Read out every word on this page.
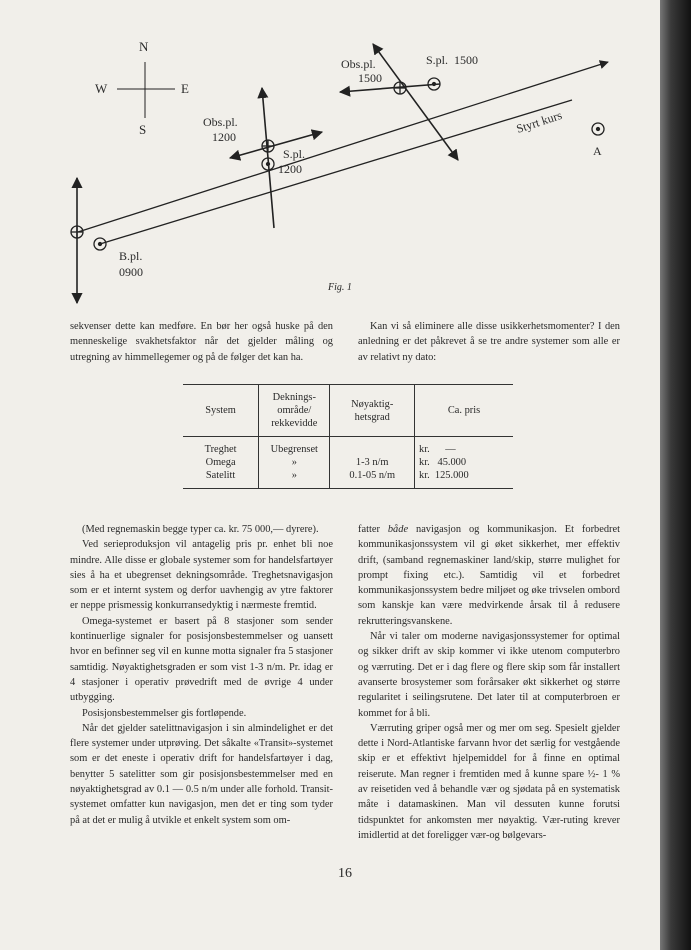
N
S
W	E
Obs.pl.
1500
S.pl.  1500
Obs.pl.
1200
S.pl.
1200
Styrt kurs
A
B.pl.
0900
Fig. 1

sekvenser dette kan medføre. En bør her også huske på den menneskelige svakhetsfaktor når det gjelder måling og utregning av himmellegemer og på de følger det kan ha.

Kan vi så eliminere alle disse usikkerhetsmomenter? I den anledning er det påkrevet å se tre andre systemer som alle er av relativt ny dato:

System	Deknings- område/ rekkevidde	Nøyaktig- hetsgrad	Ca. pris
Treghet	Ubegrenset		kr.      —
Omega	»	1-3 n/m	kr.   45.000
Satelitt	»	0.1-05 n/m	kr.  125.000

(Med regnemaskin begge typer ca. kr. 75 000,— dyrere).

Ved serieproduksjon vil antagelig pris pr. enhet bli noe mindre. Alle disse er globale systemer som for handelsfartøyer sies å ha et ubegrenset dekningsområde. Treghetsnavigasjon som er et internt system og derfor uavhengig av ytre faktorer er neppe prismessig konkurransedyktig i nærmeste fremtid.

Omega-systemet er basert på 8 stasjoner som sender kontinuerlige signaler for posisjonsbestemmelser og uansett hvor en befinner seg vil en kunne motta signaler fra 5 stasjoner samtidig. Nøyaktighetsgraden er som vist 1-3 n/m. Pr. idag er 4 stasjoner i operativ prøvedrift med de øvrige 4 under utbygging.

Posisjonsbestemmelser gis fortløpende.

Når det gjelder satelittnavigasjon i sin almindelighet er det flere systemer under utprøving. Det såkalte «Transit»-systemet som er det eneste i operativ drift for handelsfartøyer i dag, benytter 5 satelitter som gir posisjonsbestemmelser med en nøyaktighetsgrad av 0.1 — 0.5 n/m under alle forhold. Transit-systemet omfatter kun navigasjon, men det er ting som tyder på at det er mulig å utvikle et enkelt system som om-

fatter både navigasjon og kommunikasjon. Et forbedret kommunikasjonssystem vil gi øket sikkerhet, mer effektiv drift, (samband regnemaskiner land/skip, større mulighet for prompt fixing etc.). Samtidig vil et forbedret kommunikasjonssystem bedre miljøet og øke trivselen ombord som kanskje kan være medvirkende årsak til å redusere rekrutteringsvanskene.

Når vi taler om moderne navigasjonssystemer for optimal og sikker drift av skip kommer vi ikke utenom computerbro og værruting. Det er i dag flere og flere skip som får installert avanserte brosystemer som forårsaker økt sikkerhet og større regularitet i seilingsrutene. Det later til at computerbroen er kommet for å bli.

Værruting griper også mer og mer om seg. Spesielt gjelder dette i Nord-Atlantiske farvann hvor det særlig for vestgående skip er et effektivt hjelpemiddel for å finne en optimal reiserute. Man regner i fremtiden med å kunne spare ½- 1 % av reisetiden ved å behandle vær og sjødata på en systematisk måte i datamaskinen. Man vil dessuten kunne forutsi tidspunktet for ankomsten mer nøyaktig. Vær-ruting krever imidlertid at det foreligger vær-og bølgevars-

16
